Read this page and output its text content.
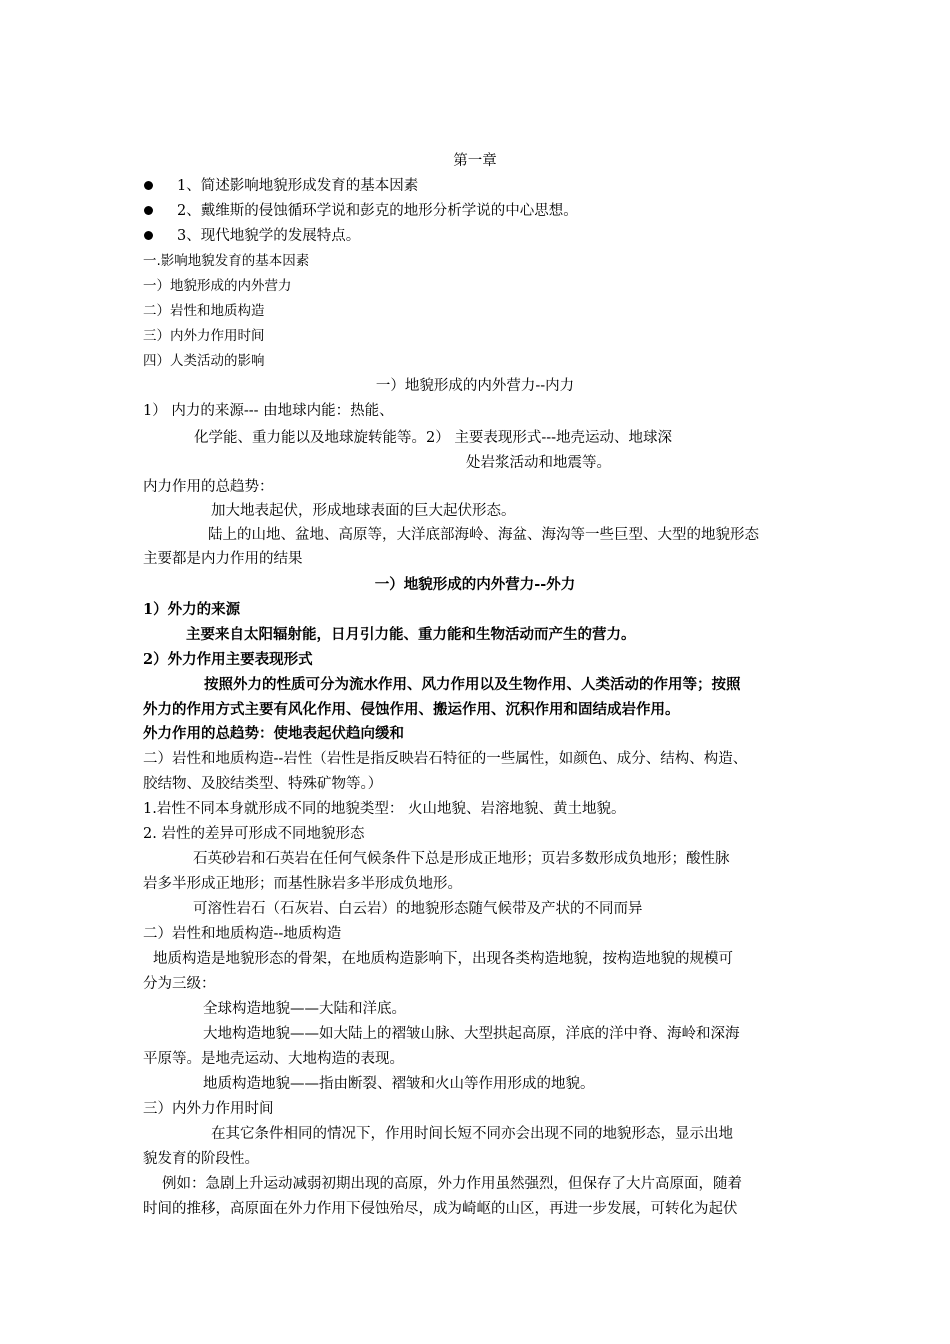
第一章
1、简述影响地貌形成发育的基本因素
2、戴维斯的侵蚀循环学说和彭克的地形分析学说的中心思想。
3、现代地貌学的发展特点。
一.影响地貌发育的基本因素
一）地貌形成的内外营力
二）岩性和地质构造
三）内外力作用时间
四）人类活动的影响
一）地貌形成的内外营力--内力
1） 内力的来源--- 由地球内能：热能、
化学能、重力能以及地球旋转能等。2） 主要表现形式---地壳运动、地球深
处岩浆活动和地震等。
内力作用的总趋势：
加大地表起伏，形成地球表面的巨大起伏形态。
陆上的山地、盆地、高原等，大洋底部海岭、海盆、海沟等一些巨型、大型的地貌形态
主要都是内力作用的结果
一）地貌形成的内外营力--外力
1）外力的来源
主要来自太阳辐射能，日月引力能、重力能和生物活动而产生的营力。
2）外力作用主要表现形式
按照外力的性质可分为流水作用、风力作用以及生物作用、人类活动的作用等；按照
外力的作用方式主要有风化作用、侵蚀作用、搬运作用、沉积作用和固结成岩作用。
外力作用的总趋势：使地表起伏趋向缓和
二）岩性和地质构造--岩性（岩性是指反映岩石特征的一些属性，如颜色、成分、结构、构造、
胶结物、及胶结类型、特殊矿物等。）
1.岩性不同本身就形成不同的地貌类型： 火山地貌、岩溶地貌、黄土地貌。
2. 岩性的差异可形成不同地貌形态
石英砂岩和石英岩在任何气候条件下总是形成正地形；页岩多数形成负地形；酸性脉
岩多半形成正地形；而基性脉岩多半形成负地形。
可溶性岩石（石灰岩、白云岩）的地貌形态随气候带及产状的不同而异
二）岩性和地质构造--地质构造
地质构造是地貌形态的骨架，在地质构造影响下，出现各类构造地貌，按构造地貌的规模可
分为三级：
全球构造地貌——大陆和洋底。
大地构造地貌——如大陆上的褶皱山脉、大型拱起高原，洋底的洋中脊、海岭和深海
平原等。是地壳运动、大地构造的表现。
地质构造地貌——指由断裂、褶皱和火山等作用形成的地貌。
三）内外力作用时间
在其它条件相同的情况下，作用时间长短不同亦会出现不同的地貌形态，显示出地
貌发育的阶段性。
例如：急剧上升运动减弱初期出现的高原，外力作用虽然强烈，但保存了大片高原面，随着
时间的推移，高原面在外力作用下侵蚀殆尽，成为崎岖的山区，再进一步发展，可转化为起伏
